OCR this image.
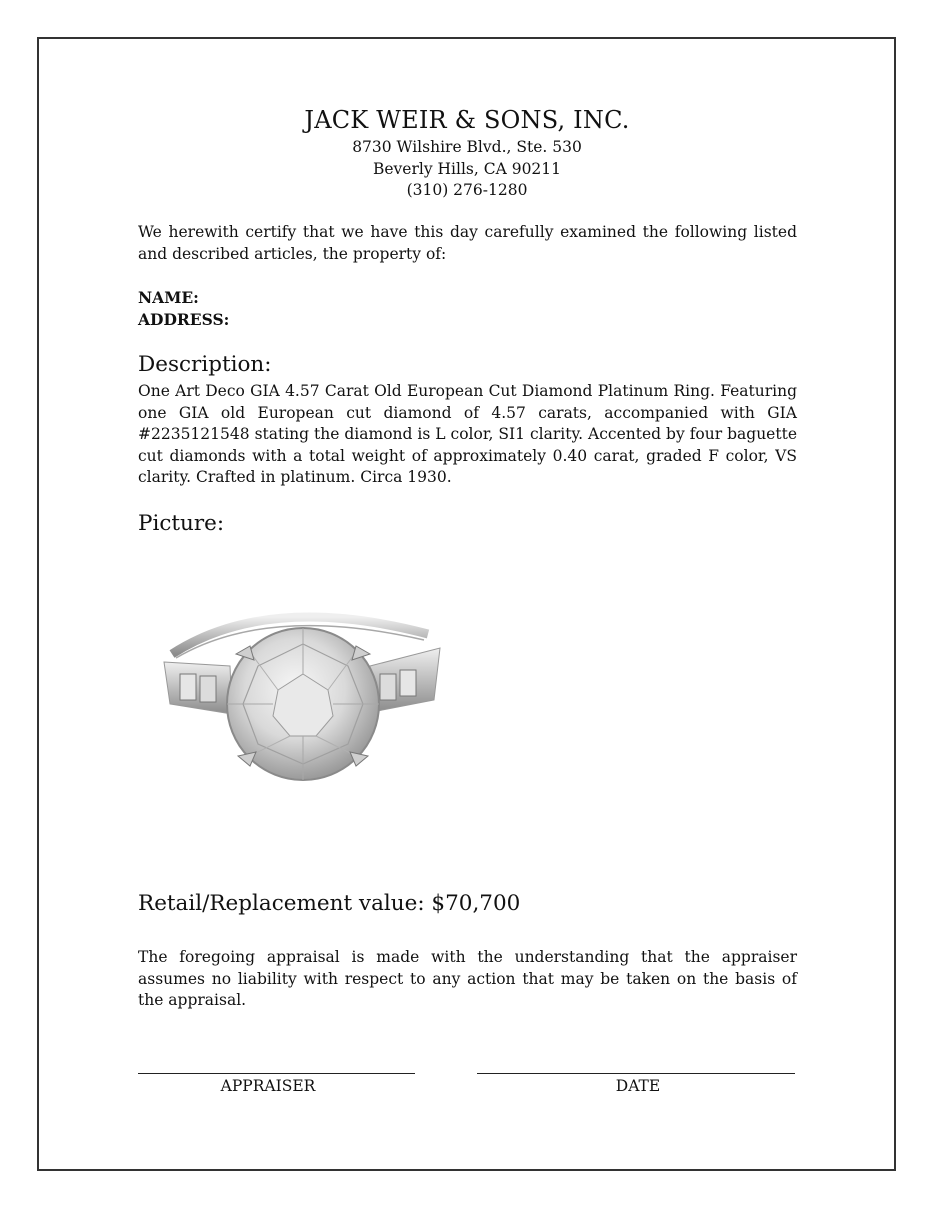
JACK WEIR & SONS, INC.
8730 Wilshire Blvd., Ste. 530
Beverly Hills, CA 90211
(310) 276-1280
We herewith certify that we have this day carefully examined the following listed and described articles, the property of:
NAME:
ADDRESS:
Description:
One Art Deco GIA 4.57 Carat Old European Cut Diamond Platinum Ring. Featuring one GIA old European cut diamond of 4.57 carats, accompanied with GIA #2235121548 stating the diamond is L color, SI1 clarity. Accented by four baguette cut diamonds with a total weight of approximately 0.40 carat, graded F color, VS clarity. Crafted in platinum. Circa 1930.
Picture:
Retail/Replacement value: $70,700
The foregoing appraisal is made with the understanding that the appraiser assumes no liability with respect to any action that may be taken on the basis of the appraisal.
APPRAISER	DATE
